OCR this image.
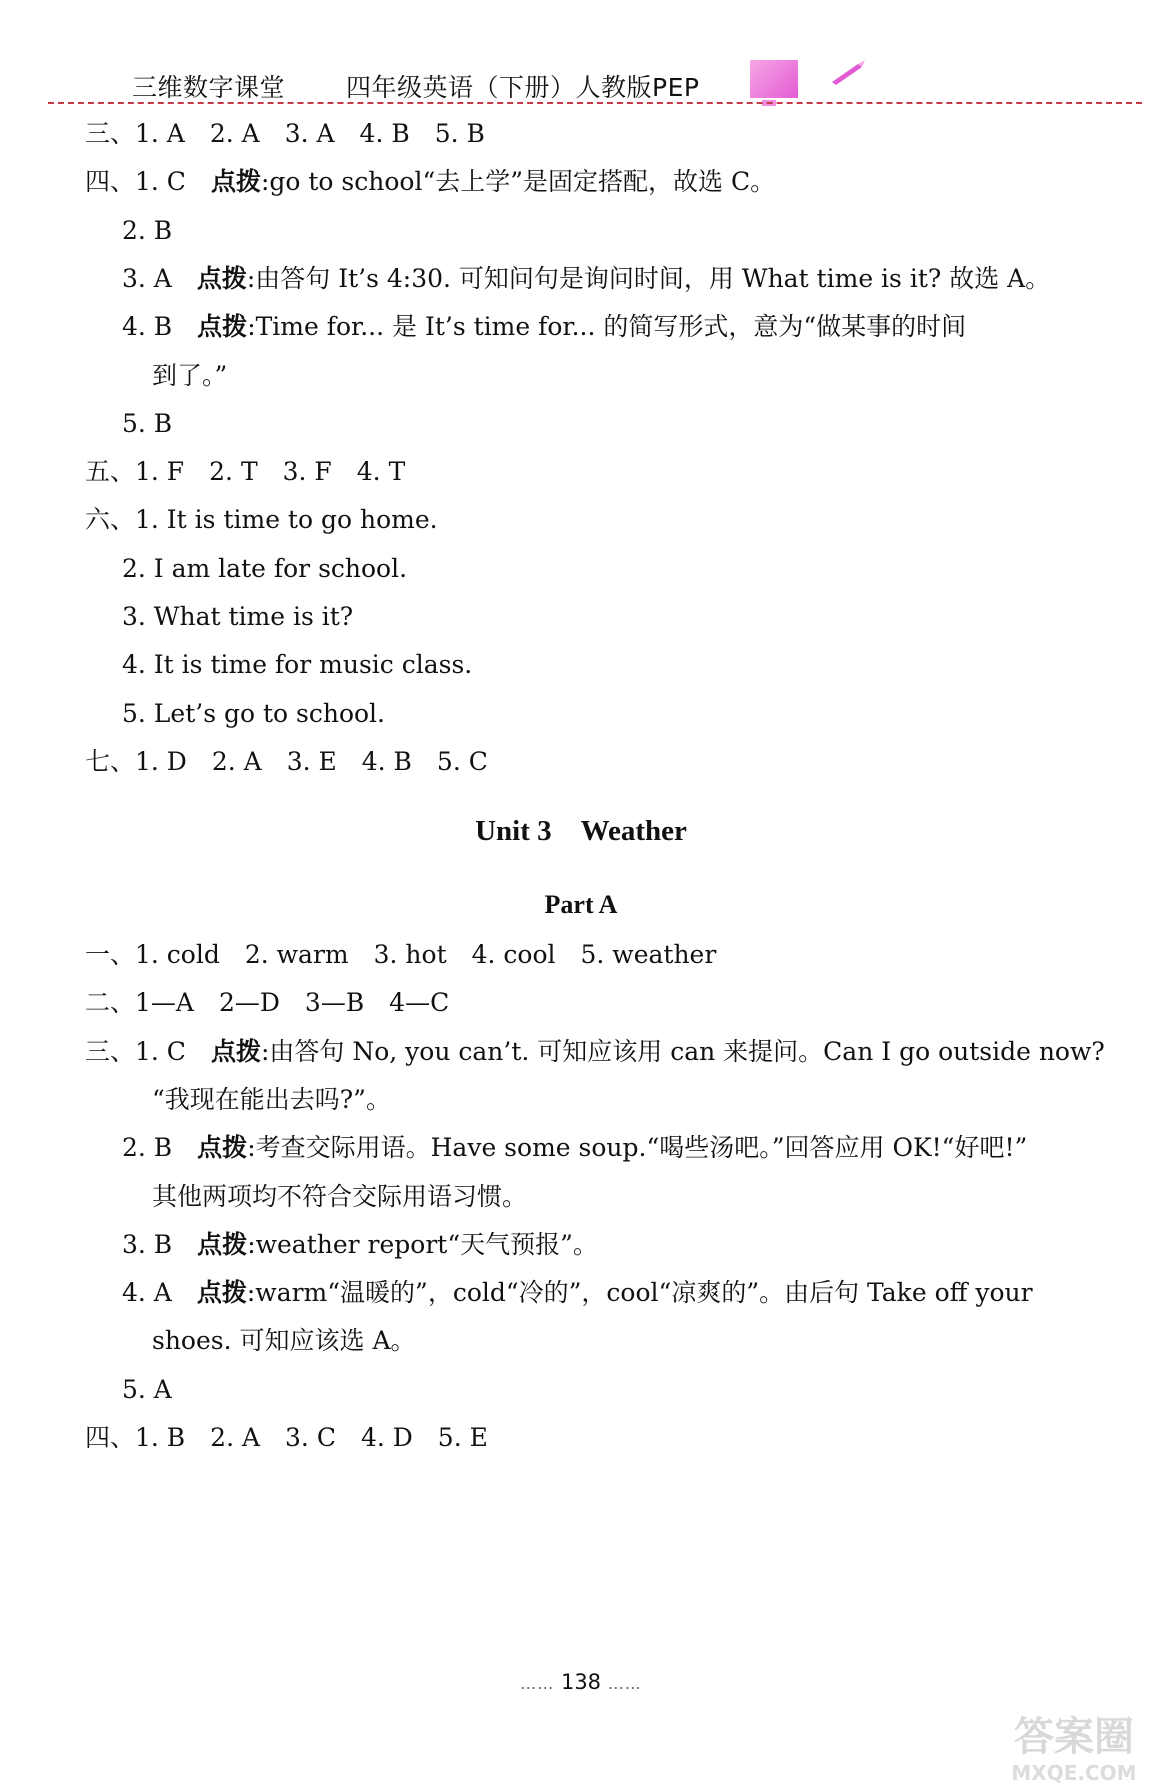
三维数字课堂 四年级英语（下册）人教版PEP
三、1. A　2. A　3. A　4. B　5. B
四、1. C　点拨:go to school“去上学”是固定搭配，故选 C。
2. B
3. A　点拨:由答句 It’s 4:30. 可知问句是询问时间，用 What time is it? 故选 A。
4. B　点拨:Time for... 是 It’s time for... 的简写形式，意为“做某事的时间
到了。”
5. B
五、1. F　2. T　3. F　4. T
六、1. It is time to go home.
2. I am late for school.
3. What time is it?
4. It is time for music class.
5. Let’s go to school.
七、1. D　2. A　3. E　4. B　5. C
Unit 3　Weather
Part A
一、1. cold　2. warm　3. hot　4. cool　5. weather
二、1—A　2—D　3—B　4—C
三、1. C　点拨:由答句 No, you can’t. 可知应该用 can 来提问。Can I go outside now?
“我现在能出去吗?”。
2. B　点拨:考查交际用语。Have some soup.“喝些汤吧。”回答应用 OK!“好吧!”
其他两项均不符合交际用语习惯。
3. B　点拨:weather report“天气预报”。
4. A　点拨:warm“温暖的”，cold“冷的”，cool“凉爽的”。由后句 Take off your
shoes. 可知应该选 A。
5. A
四、1. B　2. A　3. C　4. D　5. E
…… 138 ……
答案圈
MXQE.COM
